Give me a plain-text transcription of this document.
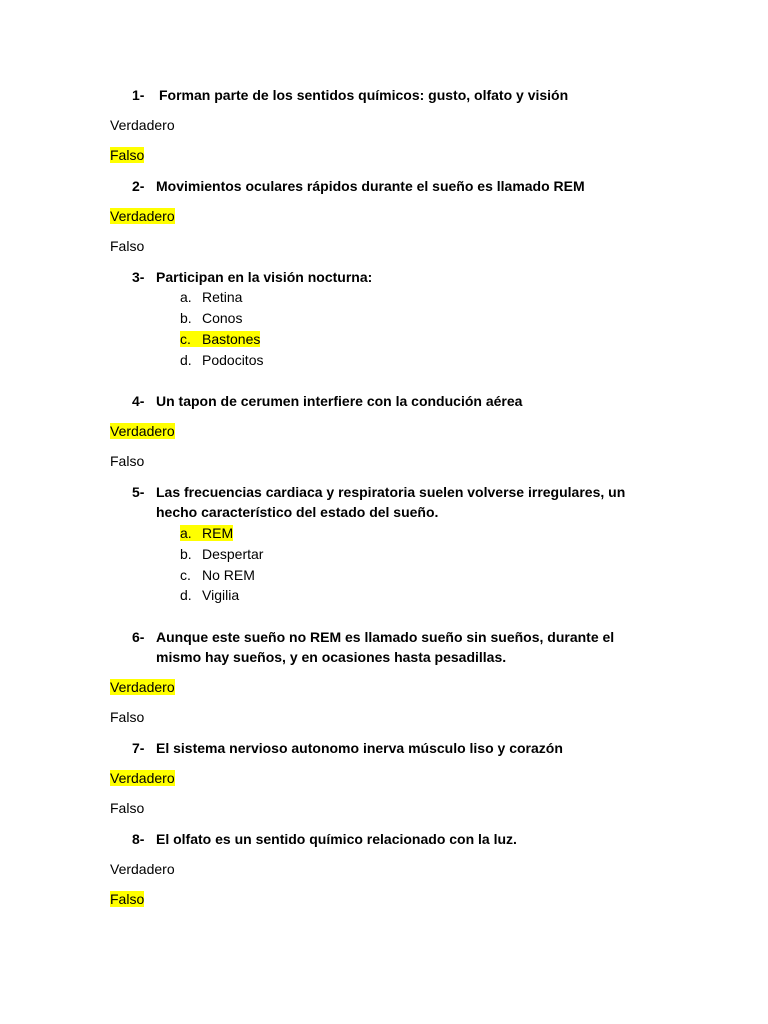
1- Forman parte de los sentidos químicos: gusto, olfato y visión
Verdadero
Falso
2- Movimientos oculares rápidos durante el sueño es llamado REM
Verdadero
Falso
3- Participan en la visión nocturna:
a. Retina
b. Conos
c. Bastones
d. Podocitos
4- Un tapon de cerumen interfiere con la condución aérea
Verdadero
Falso
5- Las frecuencias cardiaca y respiratoria suelen volverse irregulares, un
hecho característico del estado del sueño.
a. REM
b. Despertar
c. No REM
d. Vigilia
6- Aunque este sueño no REM es llamado sueño sin sueños, durante el
mismo hay sueños, y en ocasiones hasta pesadillas.
Verdadero
Falso
7- El sistema nervioso autonomo inerva músculo liso y corazón
Verdadero
Falso
8- El olfato es un sentido químico relacionado con la luz.
Verdadero
Falso
